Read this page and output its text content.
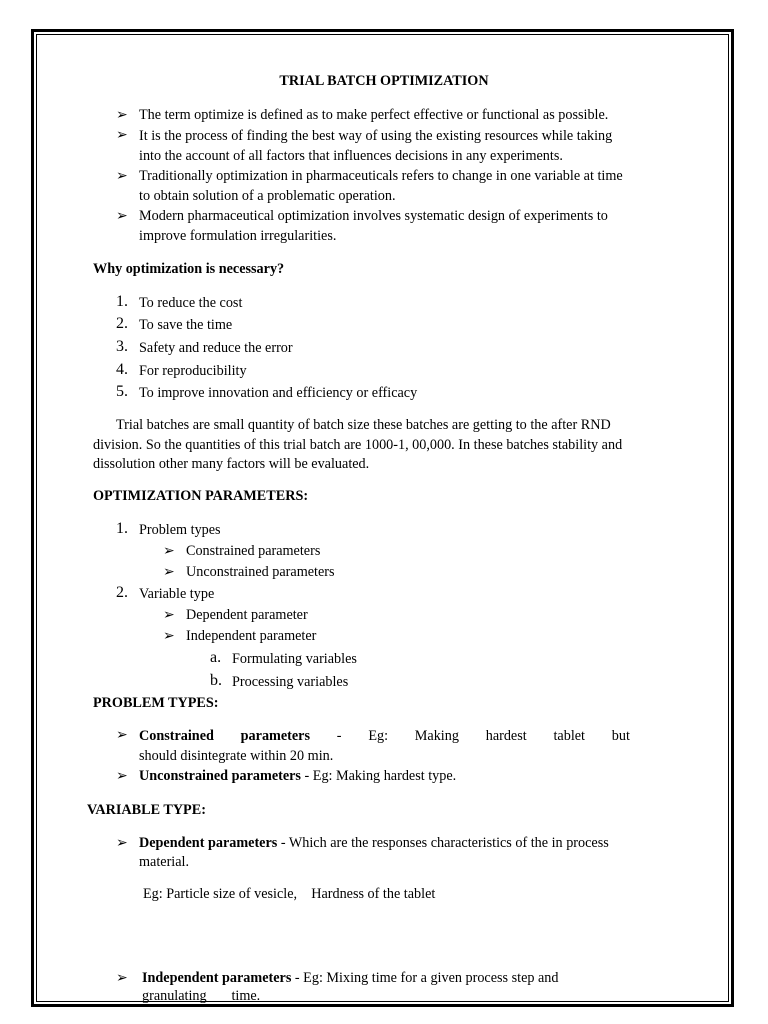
TRIAL BATCH OPTIMIZATION
➢ The term optimize is defined as to make perfect effective or functional as possible.
➢ It is the process of finding the best way of using the existing resources while taking
into the account of all factors that influences decisions in any experiments.
➢ Traditionally optimization in pharmaceuticals refers to change in one variable at time
to obtain solution of a problematic operation.
➢ Modern pharmaceutical optimization involves systematic design of experiments to
improve formulation irregularities.
Why optimization is necessary?
1. To reduce the cost
2. To save the time
3. Safety and reduce the error
4. For reproducibility
5. To improve innovation and efficiency or efficacy
Trial batches are small quantity of batch size these batches are getting to the after RND
division. So the quantities of this trial batch are 1000-1, 00,000. In these batches stability and
dissolution other many factors will be evaluated.
OPTIMIZATION PARAMETERS:
1. Problem types
➢ Constrained parameters
➢ Unconstrained parameters
2. Variable type
➢ Dependent parameter
➢ Independent parameter
a. Formulating variables
b. Processing variables
PROBLEM TYPES:
➢ Constrained parameters - Eg: Making hardest tablet but
should disintegrate within 20 min.
➢ Unconstrained parameters - Eg: Making hardest type.
VARIABLE TYPE:
➢ Dependent parameters - Which are the responses characteristics of the in process
material.
Eg: Particle size of vesicle,    Hardness of the tablet
➢ Independent parameters - Eg: Mixing time for a given process step and
granulating       time.
